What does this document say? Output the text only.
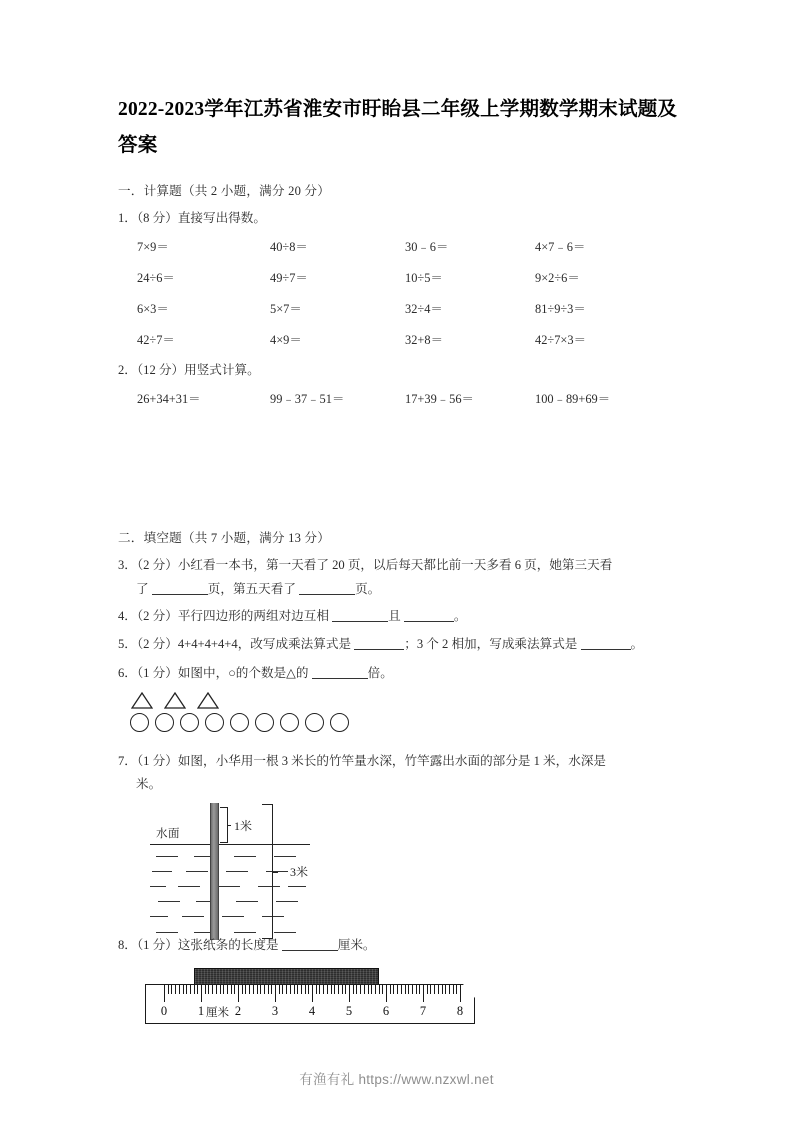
2022-2023学年江苏省淮安市盱眙县二年级上学期数学期末试题及答案
一．计算题（共 2 小题，满分 20 分）
1．（8 分）直接写出得数。
7×9＝	40÷8＝	30﹣6＝	4×7﹣6＝
24÷6＝	49÷7＝	10÷5＝	9×2÷6＝
6×3＝	5×7＝	32÷4＝	81÷9÷3＝
42÷7＝	4×9＝	32+8＝	42÷7×3＝
2．（12 分）用竖式计算。
26+34+31＝	99﹣37﹣51＝	17+39﹣56＝	100﹣89+69＝
二．填空题（共 7 小题，满分 13 分）
3．（2 分）小红看一本书，第一天看了 20 页，以后每天都比前一天多看 6 页，她第三天看
了	页，第五天看了	页。
4．（2 分）平行四边形的两组对边互相	且	。
5．（2 分）4+4+4+4+4，改写成乘法算式是	；3 个 2 相加，写成乘法算式是	。
6．（1 分）如图中，○的个数是△的	倍。
7．（1 分）如图，小华用一根 3 米长的竹竿量水深，竹竿露出水面的部分是 1 米，水深是
米。
水面
1米
3米
8．（1 分）这张纸条的长度是	厘米。
0 1 厘米 2 3 4 5 6 7 8
有渔有礼 https://www.nzxwl.net
